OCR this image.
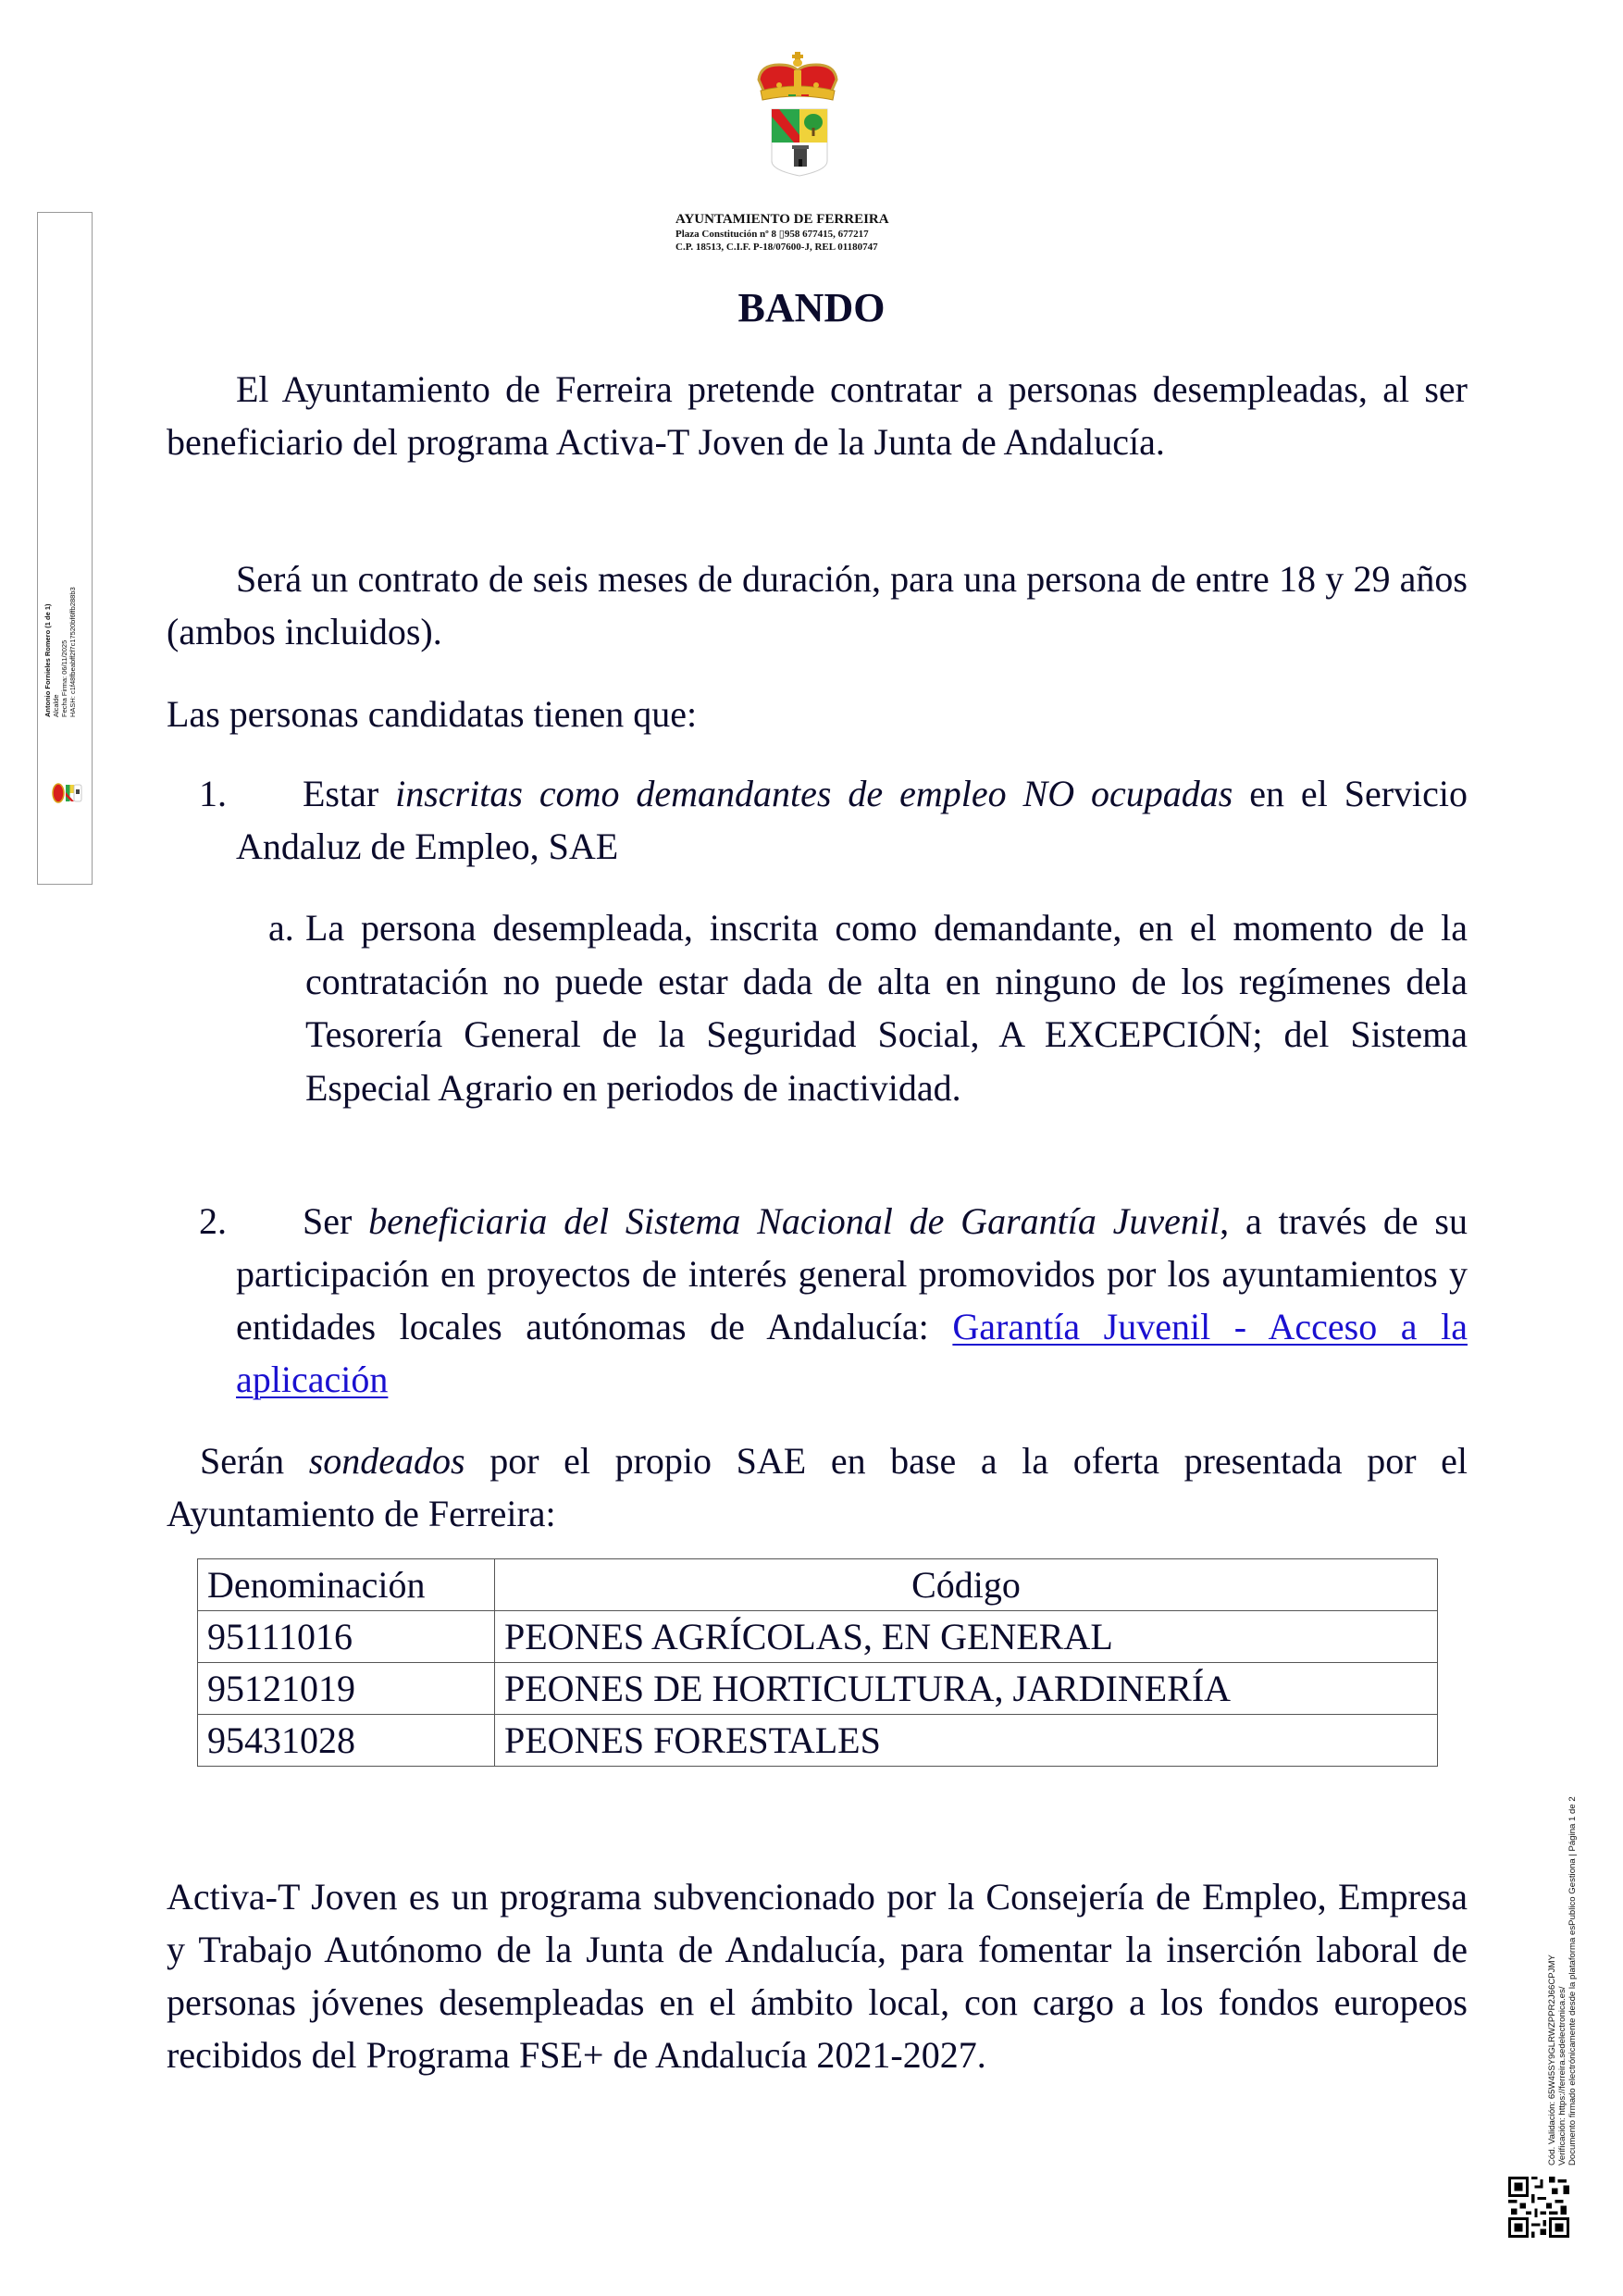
AYUNTAMIENTO DE FERREIRA
Plaza Constitución nº 8 ▯958 677415, 677217
C.P. 18513, C.I.F. P-18/07600-J, REL 01180747
BANDO
El Ayuntamiento de Ferreira pretende contratar a personas desempleadas, al ser beneficiario del programa Activa-T Joven de la Junta de Andalucía.
Será un contrato de seis meses de duración, para una persona de entre 18 y 29 años (ambos incluidos).
Las personas candidatas tienen que:
1. Estar inscritas como demandantes de empleo NO ocupadas en el Servicio Andaluz de Empleo, SAE
a. La persona desempleada, inscrita como demandante, en el momento de la contratación no puede estar dada de alta en ninguno de los regímenes dela Tesorería General de la Seguridad Social, A EXCEPCIÓN; del Sistema Especial Agrario en periodos de inactividad.
2. Ser beneficiaria del Sistema Nacional de Garantía Juvenil, a través de su participación en proyectos de interés general promovidos por los ayuntamientos y entidades locales autónomas de Andalucía: Garantía Juvenil - Acceso a la aplicación
Serán sondeados por el propio SAE en base a la oferta presentada por el Ayuntamiento de Ferreira:
Denominación	Código
95111016	PEONES AGRÍCOLAS, EN GENERAL
95121019	PEONES DE HORTICULTURA, JARDINERÍA
95431028	PEONES FORESTALES
Activa-T Joven es un programa subvencionado por la Consejería de Empleo, Empresa y Trabajo Autónomo de la Junta de Andalucía, para fomentar la inserción laboral de personas jóvenes desempleadas en el ámbito local, con cargo a los fondos europeos recibidos del Programa FSE+ de Andalucía 2021-2027.
Antonio Fornieles Romero (1 de 1) Alcalde Fecha Firma: 06/11/2025 HASH: c1f48fbeabff2f7c17520bf6ffb288b3
Cód. Validación: 65W45SY9GLRWZPPR2J66CPJMY Verificación: https://ferreira.sedelectronica.es/ Documento firmado electrónicamente desde la plataforma esPublico Gestiona | Página 1 de 2
